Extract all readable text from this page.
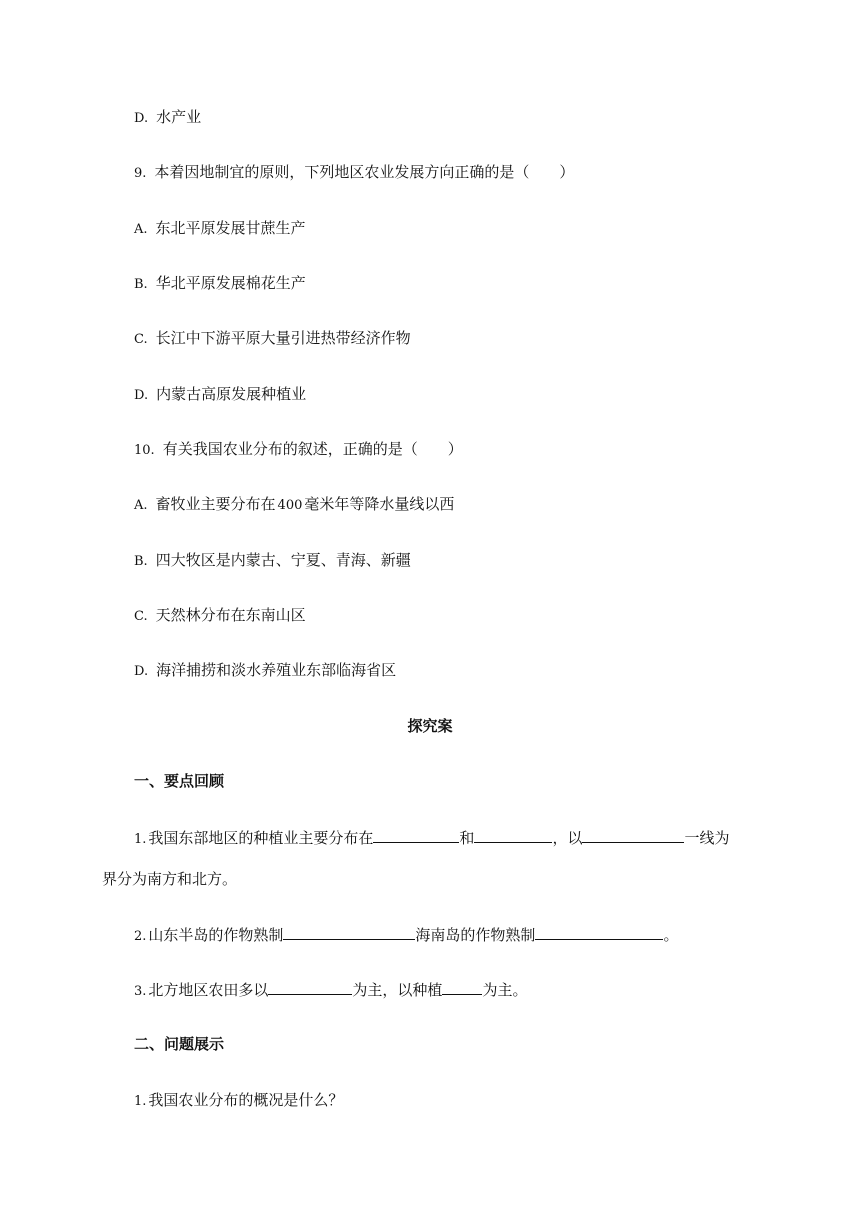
D. 水产业
9. 本着因地制宜的原则，下列地区农业发展方向正确的是（ ）
A. 东北平原发展甘蔗生产
B. 华北平原发展棉花生产
C. 长江中下游平原大量引进热带经济作物
D. 内蒙古高原发展种植业
10. 有关我国农业分布的叙述，正确的是（ ）
A. 畜牧业主要分布在 400 毫米年等降水量线以西
B. 四大牧区是内蒙古、宁夏、青海、新疆
C. 天然林分布在东南山区
D. 海洋捕捞和淡水养殖业东部临海省区
探究案
一、要点回顾
1. 我国东部地区的种植业主要分布在	和	，以	一线为
界分为南方和北方。
2. 山东半岛的作物熟制	海南岛的作物熟制	。
3. 北方地区农田多以	为主，以种植	为主。
二、问题展示
1. 我国农业分布的概况是什么？
